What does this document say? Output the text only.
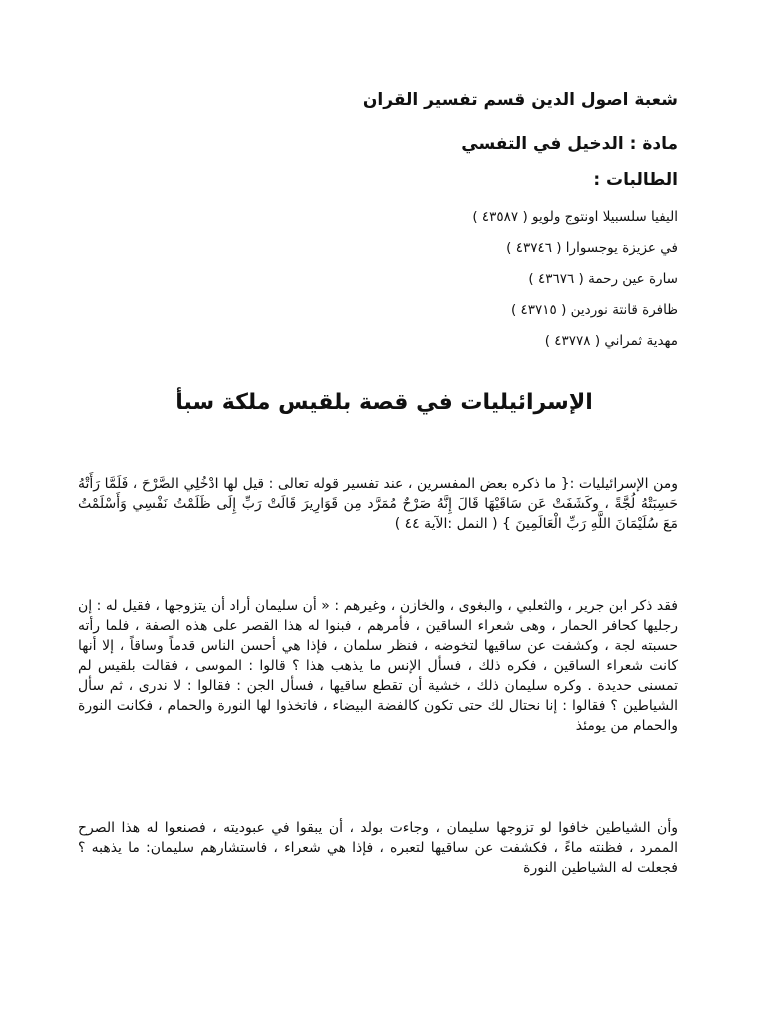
شعبة اصول الدين قسم تفسير القران
مادة : الدخيل في التفسي
الطالبات :
اليفيا سلسبيلا اونتوج ولويو ( ٤٣٥٨٧ )
في عزيزة يوجسوارا ( ٤٣٧٤٦ )
سارة عين رحمة ( ٤٣٦٧٦ )
ظافرة قانتة نوردين ( ٤٣٧١٥ )
مهدية ثمراني ( ٤٣٧٧٨ )
الإسرائيليات في قصة بلقيس ملكة سبأ

ومن الإسرائيليات :{ ما ذكره بعض المفسرين ، عند تفسير قوله تعالى : قيل لها ادْخُلِي الصَّرْحَ ، فَلَمَّا رَأَتْهُ حَسِبَتْهُ لُجَّةً ، وكَشَفَتْ عَن سَاقَيْهَا قَالَ إِنَّهُ صَرْحٌ مُمَرَّد مِن قَوَارِيرَ قَالَتْ رَبِّ إِلَى ظَلَمْتُ نَفْسِي وَأَسْلَمْتُ مَعَ سُلَيْمَانَ اللَّهِ رَبِّ الْعَالَمِينَ } ( النمل :الآية ٤٤ )

فقد ذكر ابن جرير ، والثعلبي ، والبغوى ، والخازن ، وغيرهم : « أن سليمان أراد أن يتزوجها ، فقيل له : إن رجليها كحافر الحمار ، وهى شعراء الساقين ، فأمرهم ، فبنوا له هذا القصر على هذه الصفة ، فلما رأته حسبته لجة ، وكشفت عن ساقيها لتخوضه ، فنظر سلمان ، فإذا هي أحسن الناس قدماً وساقاً ، إلا أنها كانت شعراء الساقين ، فكره ذلك ، فسأل الإنس ما يذهب هذا ؟ قالوا : الموسى ، فقالت بلقيس لم تمسنى حديدة . وكره سليمان ذلك ، خشية أن تقطع ساقيها ، فسأل الجن : فقالوا : لا ندرى ، ثم سأل الشياطين ؟ فقالوا : إنا نحتال لك حتى تكون كالفضة البيضاء ، فاتخذوا لها النورة والحمام ، فكانت النورة والحمام من يومئذ

وأن الشياطين خافوا لو تزوجها سليمان ، وجاءت بولد ، أن يبقوا في عبوديته ، فصنعوا له هذا الصرح الممرد ، فظنته ماءً ، فكشفت عن ساقيها لتعبره ، فإذا هي شعراء ، فاستشارهم سليمان: ما يذهبه ؟ فجعلت له الشياطين النورة
